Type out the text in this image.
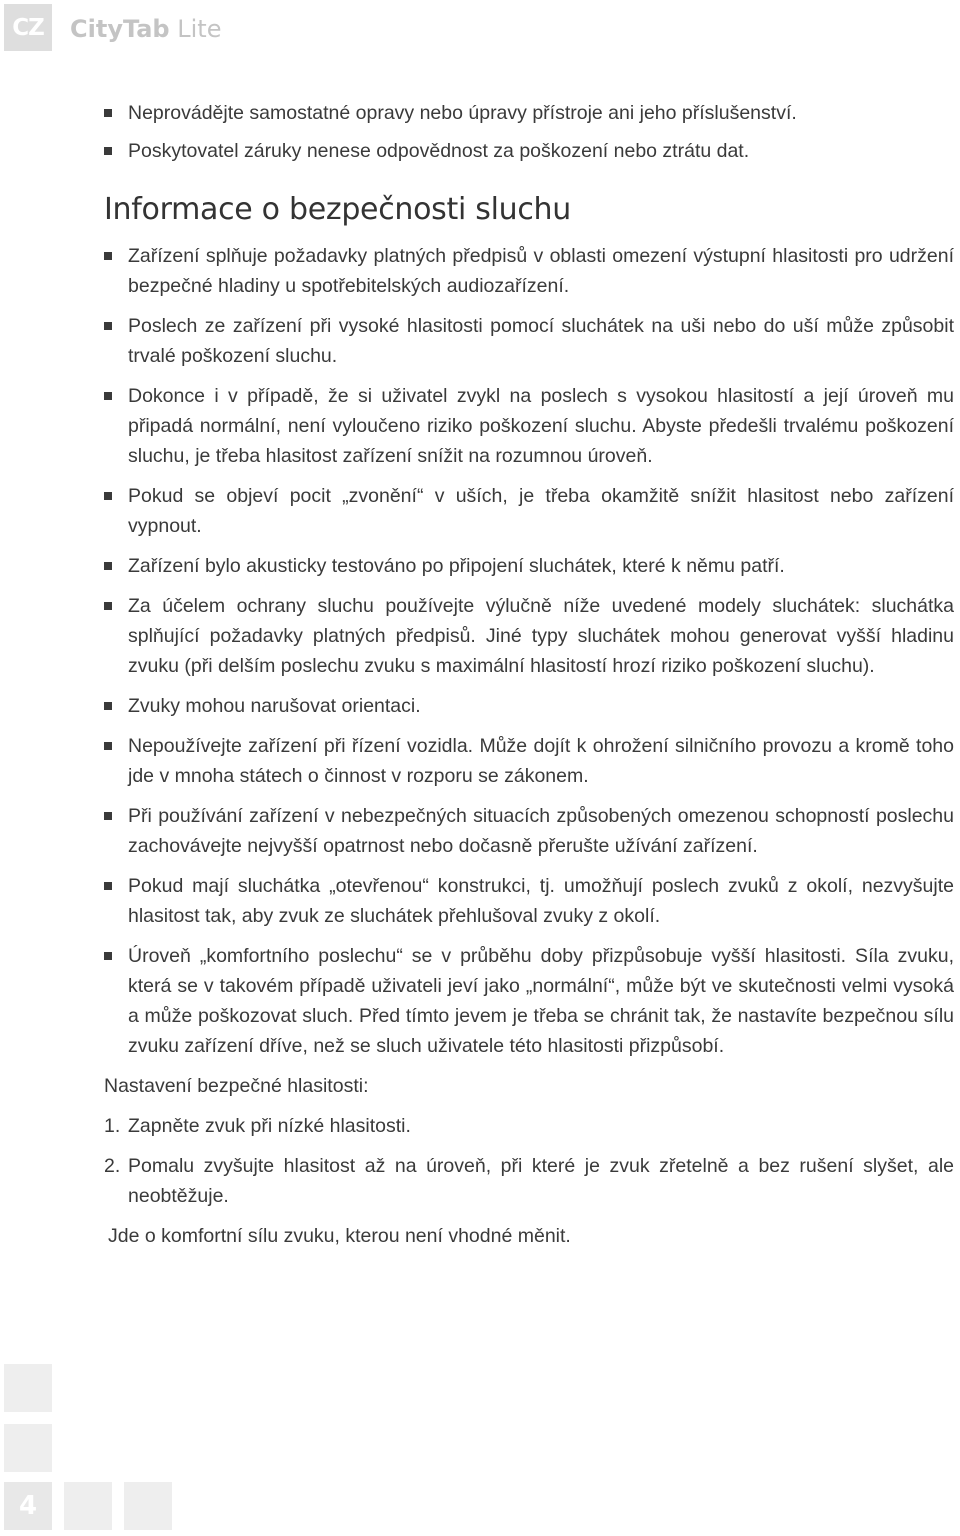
CZ	CityTab Lite
Neprovádějte samostatné opravy nebo úpravy přístroje ani jeho příslušenství.
Poskytovatel záruky nenese odpovědnost za poškození nebo ztrátu dat.
Informace o bezpečnosti sluchu
Zařízení splňuje požadavky platných předpisů v oblasti omezení výstupní hlasitosti pro udržení bezpečné hladiny u spotřebitelských audiozařízení.
Poslech ze zařízení při vysoké hlasitosti pomocí sluchátek na uši nebo do uší může způsobit trvalé poškození sluchu.
Dokonce i v případě, že si uživatel zvykl na poslech s vysokou hlasitostí a její úroveň mu připadá normální, není vyloučeno riziko poškození sluchu. Abyste předešli trvalému poškození sluchu, je třeba hlasitost zařízení snížit na rozumnou úroveň.
Pokud se objeví pocit „zvonění“ v uších, je třeba okamžitě snížit hlasitost nebo zařízení vypnout.
Zařízení bylo akusticky testováno po připojení sluchátek, které k němu patří.
Za účelem ochrany sluchu používejte výlučně níže uvedené modely sluchátek: sluchátka splňující požadavky platných předpisů. Jiné typy sluchátek mohou generovat vyšší hladinu zvuku (při delším poslechu zvuku s maximální hlasitostí hrozí riziko poškození sluchu).
Zvuky mohou narušovat orientaci.
Nepoužívejte zařízení při řízení vozidla. Může dojít k ohrožení silničního provozu a kromě toho jde v mnoha státech o činnost v rozporu se zákonem.
Při používání zařízení v nebezpečných situacích způsobených omezenou schopností poslechu zachovávejte nejvyšší opatrnost nebo dočasně přerušte užívání zařízení.
Pokud mají sluchátka „otevřenou“ konstrukci, tj. umožňují poslech zvuků z okolí, nezvyšujte hlasitost tak, aby zvuk ze sluchátek přehlušoval zvuky z okolí.
Úroveň „komfortního poslechu“ se v průběhu doby přizpůsobuje vyšší hlasitosti. Síla zvuku, která se v takovém případě uživateli jeví jako „normální“, může být ve skutečnosti velmi vysoká a může poškozovat sluch. Před tímto jevem je třeba se chránit tak, že nastavíte bezpečnou sílu zvuku zařízení dříve, než se sluch uživatele této hlasitosti přizpůsobí.

Nastavení bezpečné hlasitosti:

1. Zapněte zvuk při nízké hlasitosti.
2. Pomalu zvyšujte hlasitost až na úroveň, při které je zvuk zřetelně a bez rušení slyšet, ale neobtěžuje.

Jde o komfortní sílu zvuku, kterou není vhodné měnit.

4
